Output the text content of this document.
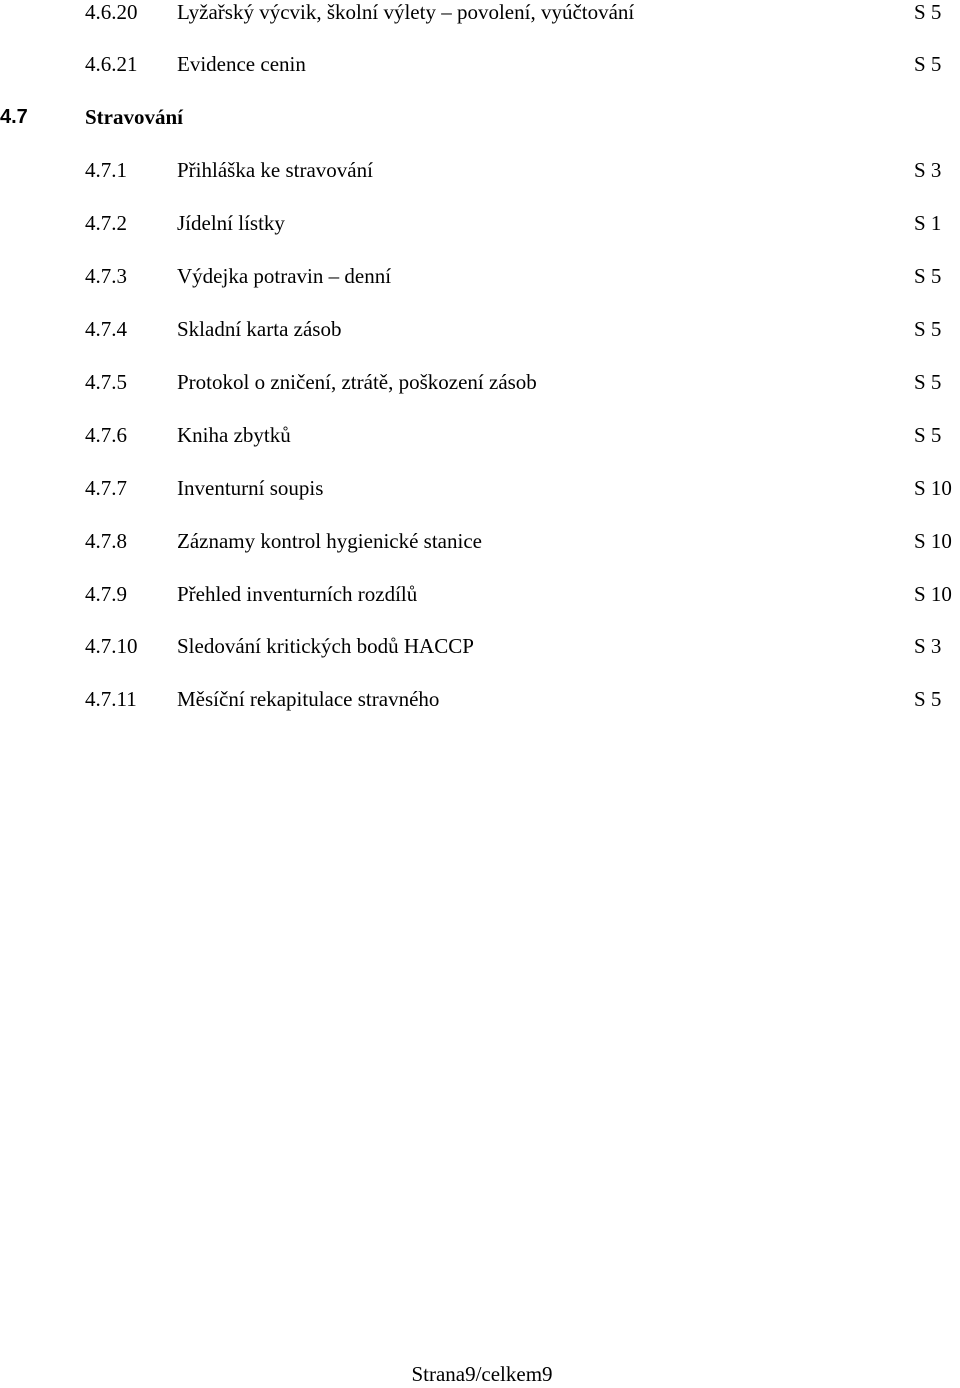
4.6.20 Lyžařský výcvik, školní výlety – povolení, vyúčtování	S 5
4.6.21 Evidence cenin	S 5
4.7	Stravování
4.7.1 Přihláška ke stravování	S 3
4.7.2 Jídelní lístky	S 1
4.7.3 Výdejka potravin – denní	S 5
4.7.4 Skladní karta zásob	S 5
4.7.5 Protokol o zničení, ztrátě, poškození zásob	S 5
4.7.6 Kniha zbytků	S 5
4.7.7 Inventurní soupis	S 10
4.7.8 Záznamy kontrol hygienické stanice	S 10
4.7.9 Přehled inventurních rozdílů	S 10
4.7.10 Sledování kritických bodů HACCP	S 3
4.7.11 Měsíční rekapitulace stravného	S 5
Strana9/celkem9
